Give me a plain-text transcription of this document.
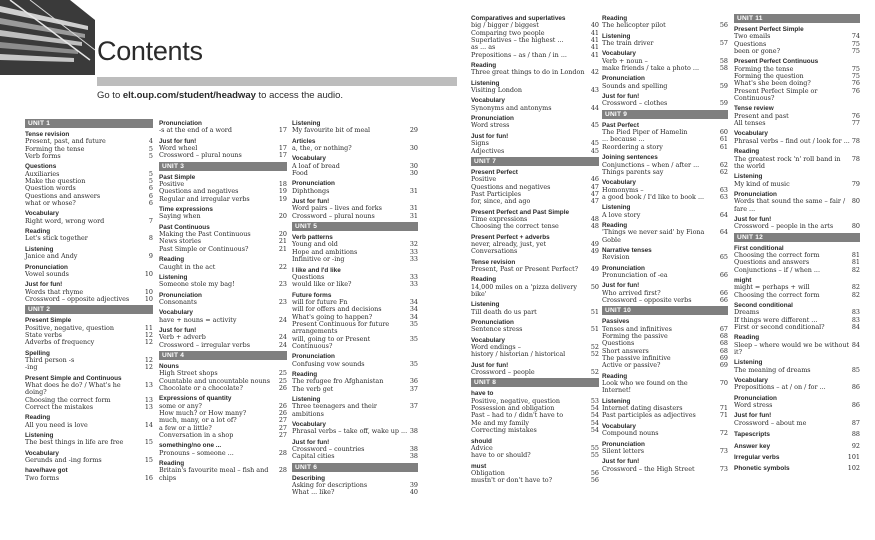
Contents
Go to elt.oup.com/student/headway to access the audio.
UNIT 1
Tense revision
Present, past, and future	4
Forming the tense	5
Verb forms	5
Questions
Auxiliaries	5
Make the question	5
Question words	6
Questions and answers	6
what or whose?	6
Vocabulary
Right word, wrong word	7
Reading
Let's stick together	8
Listening
Janice and Andy	9
Pronunciation
Vowel sounds	10
Just for fun!
Words that rhyme	10
Crossword – opposite adjectives 10
UNIT 2
Present Simple
Positive, negative, question	11
State verbs	12
Adverbs of frequency	12
Spelling
Third person -s	12
-ing	12
Present Simple and Continuous
What does he do? / What's he doing?
13
Choosing the correct form	13
Correct the mistakes	13
Reading
All you need is love	14
Listening
The best things in life are free	15
Vocabulary
Gerunds and -ing forms	15
have/have got
Two forms	16
Pronunciation
-s at the end of a word	17
Just for fun!
Word wheel	17
Crossword – plural nouns	17
UNIT 3
Past Simple
Positive	18
Questions and negatives	19
Regular and irregular verbs	19
Time expressions
Saying when	20
Past Continuous
Making the Past Continuous	20
News stories	21
Past Simple or Continuous?	21
Reading
Caught in the act	22
Listening
Someone stole my bag!	23
Pronunciation
Consonants	23
Vocabulary
have + nouns = activity	24
Just for fun!
Verb + adverb	24
Crossword – irregular verbs	24
UNIT 4
Nouns
High Street shops	25
Countable and uncountable nouns 25
Chocolate or a chocolate?	26
Expressions of quantity
some or any?	26
How much? or How many?	26
much, many, or a lot of?	27
a few or a little?	27
Conversation in a shop	27
something/no one ...
Pronouns – someone ...	28
Reading
Britain's favourite meal – fish and chips
28
Listening
My favourite bit of meal	29
Articles
a, the, or nothing?	30
Vocabulary
A loaf of bread	30
Food	30
Pronunciation
Diphthongs	31
Just for fun!
Word pairs – lives and forks	31
Crossword – plural nouns	31
UNIT 5
Verb patterns
Young and old	32
Hope and ambitions	33
Infinitive or -ing	33
I like and I'd like
Questions	33
would like or like?	33
Future forms
will for future Fn	34
will for offers and decisions	34
What's going to happen?	34
Present Continuous for future arrangements
35
will, going to or Present Continuous?
35
Pronunciation
Confusing vow sounds	35
Reading
The refugee fro Afghanistan	36
The verb get	37
Listening
Three teenagers and their ambitions
37
Vocabulary
Phrasal verbs – take off, wake up ... 38
Just for fun!
Crossword – countries	38
Capital cities	38
UNIT 6
Describing
Asking for descriptions	39
What ... like?	40
Comparatives and superlatives
big / bigger / biggest	40
Comparing two people	41
Superlatives – the highest ...	41
as ... as	41
Prepositions – as / than / in ...	41
Reading
Three great things to do in London 42
Listening
Visiting London	43
Vocabulary
Synonyms and antonyms	44
Pronunciation
Word stress	45
Just for fun!
Signs	45
Adjectives	45
UNIT 7
Present Perfect
Positive	46
Questions and negatives	47
Past Participles	47
for, since, and ago	47
Present Perfect and Past Simple
Time expressions	48
Choosing the correct tense	48
Present Perfect + adverbs
never, already, just, yet	49
Conversations	49
Tense revision
Present, Past or Present Perfect? 49
Reading
14,000 miles on a 'pizza delivery bike'
50
Listening
Till death do us part	51
Pronunciation
Sentence stress	51
Vocabulary
Word endings –	52
history / historian / historical	52
Just for fun!
Crossword – people	52
UNIT 8
have to
Positive, negative, question	53
Possession and obligation	54
Past – had to / didn't have to	54
Me and my family	54
Correcting mistakes	54
should
Advice	55
have to or should?	55
must
Obligation	56
mustn't or don't have to?	56
Reading
The helicopter pilot	56
Listening
The train driver	57
Vocabulary
Verb + noun –	58
make friends / take a photo ...	58
Pronunciation
Sounds and spelling	59
Just for fun!
Crossword – clothes	59
UNIT 9
Past Perfect
The Pied Piper of Hamelin	60
... because ...	61
Reordering a story	61
Joining sentences
Conjunctions – when / after ...	62
Things parents say	62
Vocabulary
Homonyms –	63
a good book / I'd like to book ... 63
Listening
A love story	64
Reading
'Things we never said' by Fiona Goble
64
Narrative tenses
Revision	65
Pronunciation
Pronunciation of -ea	66
Just for fun!
Who arrived first?	66
Crossword – opposite verbs	66
UNIT 10
Passives
Tenses and infinitives	67
Forming the passive	68
Questions	68
Short answers	68
The passive infinitive	69
Active or passive?	69
Reading
Look who we found on the Internet!
70
Listening
Internet dating disasters	71
Past participles as adjectives	71
Vocabulary
Compound nouns	72
Pronunciation
Silent letters	73
Just for fun!
Crossword – the High Street	73
UNIT 11
Present Perfect Simple
Two emails	74
Questions	75
been or gone?	75
Present Perfect Continuous
Forming the tense	75
Forming the question	75
What's she been doing?	76
Present Perfect Simple or Continuous?
76
Tense review
Present and past	76
All tenses	77
Vocabulary
Phrasal verbs – find out / look for ... 78
Reading
The greatest rock 'n' roll band in the world
78
Listening
My kind of music	79
Pronunciation
Words that sound the same – fair / fare ...
80
Just for fun!
Crossword – people in the arts	80
UNIT 12
First conditional
Choosing the correct form	81
Questions and answers	81
Conjunctions – if / when ...	82
might
might = perhaps + will	82
Choosing the correct form	82
Second conditional
Dreams	83
If things were different ...	83
First or second conditional?	84
Reading
Sleep – where would we be without it?
84
Listening
The meaning of dreams	85
Vocabulary
Prepositions – at / on / for ...	86
Pronunciation
Word stress	86
Just for fun!
Crossword – about me	87
Tapescripts	88
Answer key	92
Irregular verbs	101
Phonetic symbols	102
